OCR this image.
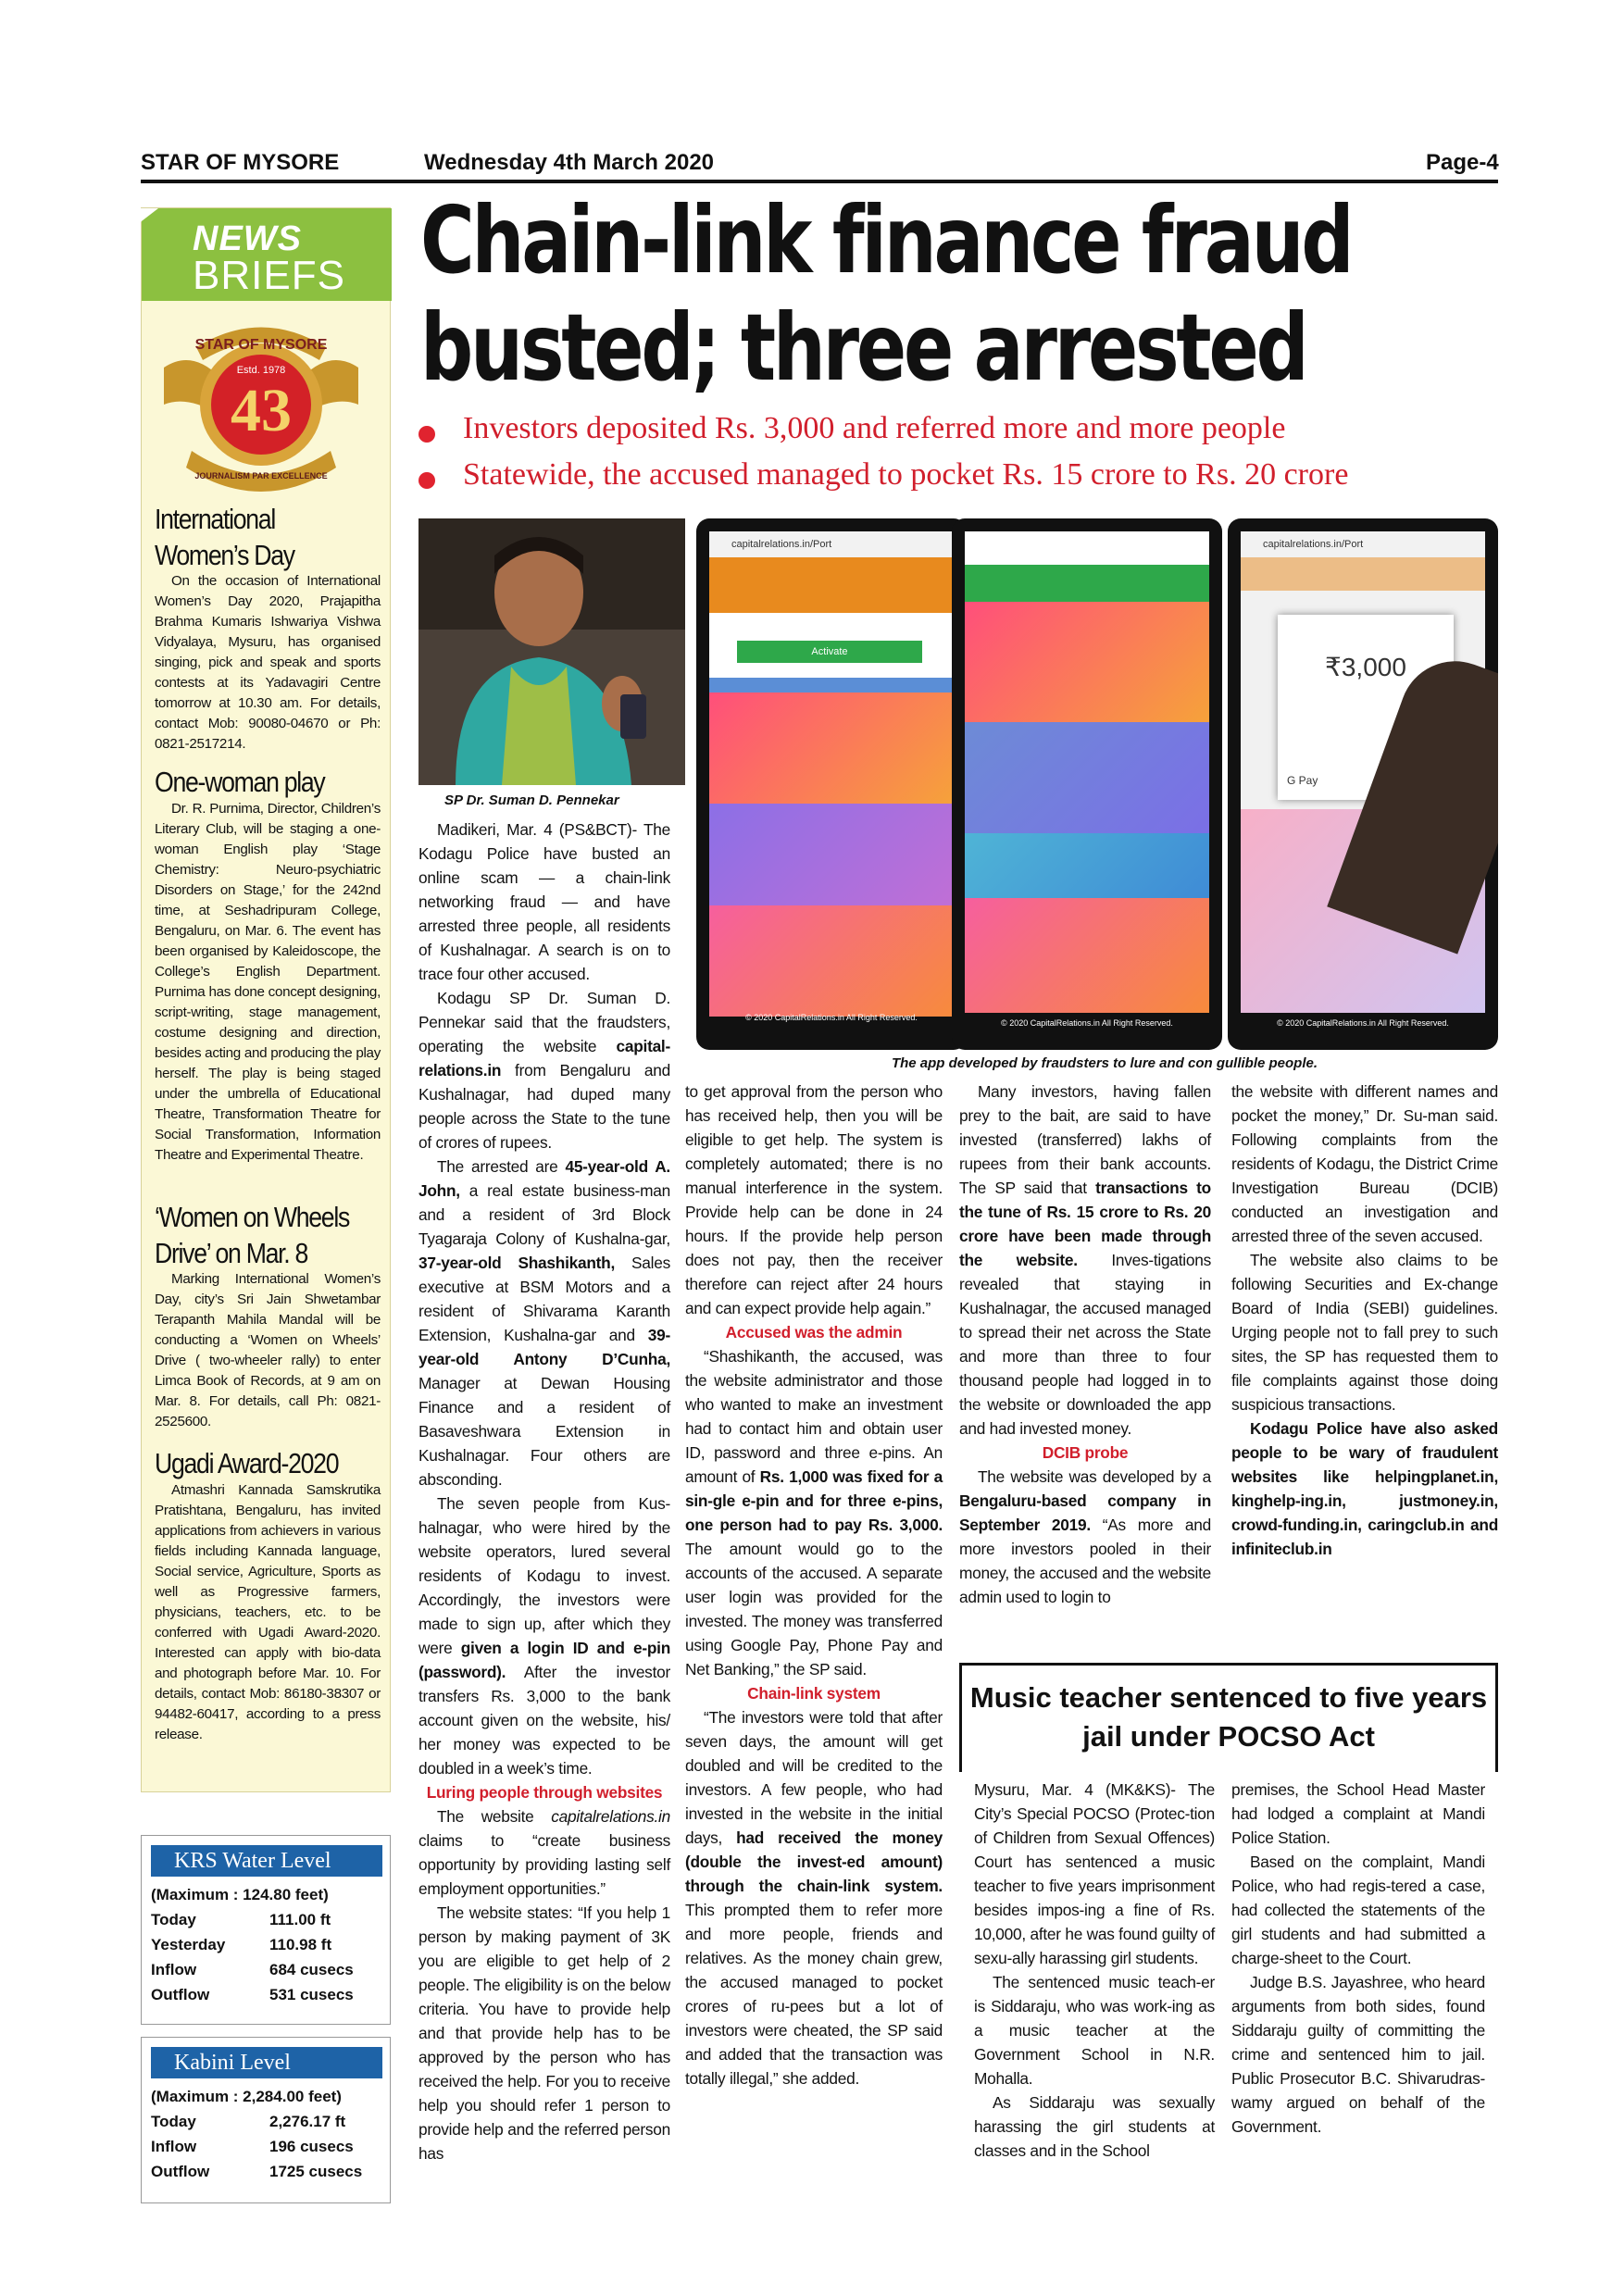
STAR OF MYSORE	Wednesday 4th March 2020	Page-4
NEWS
BRIEFS
STAR OF MYSORE
Estd. 1978
43
JOURNALISM PAR EXCELLENCE
International
Women’s Day
On the occasion of International Women’s Day 2020, Prajapitha Brahma Kumaris Ishwariya Vishwa Vidyalaya, Mysuru, has organised singing, pick and speak and sports contests at its Yadavagiri Centre tomorrow at 10.30 am. For details, contact Mob: 90080-04670 or Ph: 0821-2517214.
One-woman play
Dr. R. Purnima, Director, Children’s Literary Club, will be staging a one-woman English play ‘Stage Chemistry: Neuro-psychiatric Disorders on Stage,’ for the 242nd time, at Seshadripuram College, Bengaluru, on Mar. 6. The event has been organised by Kaleidoscope, the College’s English Department. Purnima has done concept designing, script-writing, stage management, costume designing and direction, besides acting and producing the play herself. The play is being staged under the umbrella of Educational Theatre, Transformation Theatre for Social Transformation, Information Theatre and Experimental Theatre.
‘Women on Wheels
Drive’ on Mar. 8
Marking International Women’s Day, city’s Sri Jain Shwetambar Terapanth Mahila Mandal will be conducting a ‘Women on Wheels’ Drive ( two-wheeler rally) to enter Limca Book of Records, at 9 am on Mar. 8. For details, call Ph: 0821-2525600.
Ugadi Award-2020
Atmashri Kannada Samskrutika Pratishtana, Bengaluru, has invited applications from achievers in various fields including Kannada language, Social service, Agriculture, Sports as well as Progressive farmers, physicians, teachers, etc. to be conferred with Ugadi Award-2020. Interested can apply with bio-data and photograph before Mar. 10. For details, contact Mob: 86180-38307 or 94482-60417, according to a press release.
KRS Water Level
(Maximum : 124.80 feet)
Today	111.00 ft
Yesterday	110.98 ft
Inflow	684 cusecs
Outflow	531 cusecs
Kabini Level
(Maximum : 2,284.00 feet)
Today	2,276.17 ft
Inflow	196 cusecs
Outflow	1725 cusecs
Chain-link finance fraud
busted; three arrested
Investors deposited Rs. 3,000 and referred more and more people
Statewide, the accused managed to pocket Rs. 15 crore to Rs. 20 crore
SP Dr. Suman D. Pennekar
capitalrelations.in/Port
Activate
© 2020 CapitalRelations.in All Right Reserved.
© 2020 CapitalRelations.in All Right Reserved.
capitalrelations.in/Port
₹3,000
G Pay
© 2020 CapitalRelations.in All Right Reserved.
The app developed by fraudsters to lure and con gullible people.

Madikeri, Mar. 4 (PS&BCT)- The Kodagu Police have busted an online scam — a chain-link networking fraud — and have arrested three people, all residents of Kushalnagar. A search is on to trace four other accused.

Kodagu SP Dr. Suman D. Pennekar said that the fraudsters, operating the website capital-relations.in from Bengaluru and Kushalnagar, had duped many people across the State to the tune of crores of rupees.

The arrested are 45-year-old A. John, a real estate business-man and a resident of 3rd Block Tyagaraja Colony of Kushalna-gar, 37-year-old Shashikanth, Sales executive at BSM Motors and a resident of Shivarama Karanth Extension, Kushalna-gar and 39-year-old Antony D’Cunha, Manager at Dewan Housing Finance and a resident of Basaveshwara Extension in Kushalnagar. Four others are absconding.

The seven people from Kus-halnagar, who were hired by the website operators, lured several residents of Kodagu to invest. Accordingly, the investors were made to sign up, after which they were given a login ID and e-pin (password). After the investor transfers Rs. 3,000 to the bank account given on the website, his/ her money was expected to be doubled in a week’s time.

Luring people through websites

The website capitalrelations.in claims to “create business opportunity by providing lasting self employment opportunities.”

The website states: “If you help 1 person by making payment of 3K you are eligible to get help of 2 people. The eligibility is on the below criteria. You have to provide help and that provide help has to be approved by the person who has received the help. For you to receive help you should refer 1 person to provide help and the referred person has

to get approval from the person who has received help, then you will be eligible to get help. The system is completely automated; there is no manual interference in the system. Provide help can be done in 24 hours. If the provide help person does not pay, then the receiver therefore can reject after 24 hours and can expect provide help again.”

Accused was the admin

“Shashikanth, the accused, was the website administrator and those who wanted to make an investment had to contact him and obtain user ID, password and three e-pins. An amount of Rs. 1,000 was fixed for a sin-gle e-pin and for three e-pins, one person had to pay Rs. 3,000. The amount would go to the accounts of the accused. A separate user login was provided for the invested. The money was transferred using Google Pay, Phone Pay and Net Banking,” the SP said.

Chain-link system

“The investors were told that after seven days, the amount will get doubled and will be credited to the investors. A few people, who had invested in the website in the initial days, had received the money (double the invest-ed amount) through the chain-link system. This prompted them to refer more and more people, friends and relatives. As the money chain grew, the accused managed to pocket crores of ru-pees but a lot of investors were cheated, the SP said and added that the transaction was totally illegal,” she added.

Many investors, having fallen prey to the bait, are said to have invested (transferred) lakhs of rupees from their bank accounts. The SP said that transactions to the tune of Rs. 15 crore to Rs. 20 crore have been made through the website. Inves-tigations revealed that staying in Kushalnagar, the accused managed to spread their net across the State and more than three to four thousand people had logged in to the website or downloaded the app and had invested money.

DCIB probe

The website was developed by a Bengaluru-based company in September 2019. “As more and more investors pooled in their money, the accused and the website admin used to login to

the website with different names and pocket the money,” Dr. Su-man said. Following complaints from the residents of Kodagu, the District Crime Investigation Bureau (DCIB) conducted an investigation and arrested three of the seven accused.

The website also claims to be following Securities and Ex-change Board of India (SEBI) guidelines. Urging people not to fall prey to such sites, the SP has requested them to file complaints against those doing suspicious transactions.

Kodagu Police have also asked people to be wary of fraudulent websites like helpingplanet.in, kinghelp-ing.in, justmoney.in, crowd-funding.in, caringclub.in and infiniteclub.in

Music teacher sentenced to five years jail under POCSO Act

Mysuru, Mar. 4 (MK&KS)- The City’s Special POCSO (Protec-tion of Children from Sexual Offences) Court has sentenced a music teacher to five years imprisonment besides impos-ing a fine of Rs. 10,000, after he was found guilty of sexu-ally harassing girl students.

The sentenced music teach-er is Siddaraju, who was work-ing as a music teacher at the Government School in N.R. Mohalla.

As Siddaraju was sexually harassing the girl students at classes and in the School

premises, the School Head Master had lodged a complaint at Mandi Police Station.

Based on the complaint, Mandi Police, who had regis-tered a case, had collected the statements of the girl students and had submitted a charge-sheet to the Court.

Judge B.S. Jayashree, who heard arguments from both sides, found Siddaraju guilty of committing the crime and sentenced him to jail. Public Prosecutor B.C. Shivarudras-wamy argued on behalf of the Government.
